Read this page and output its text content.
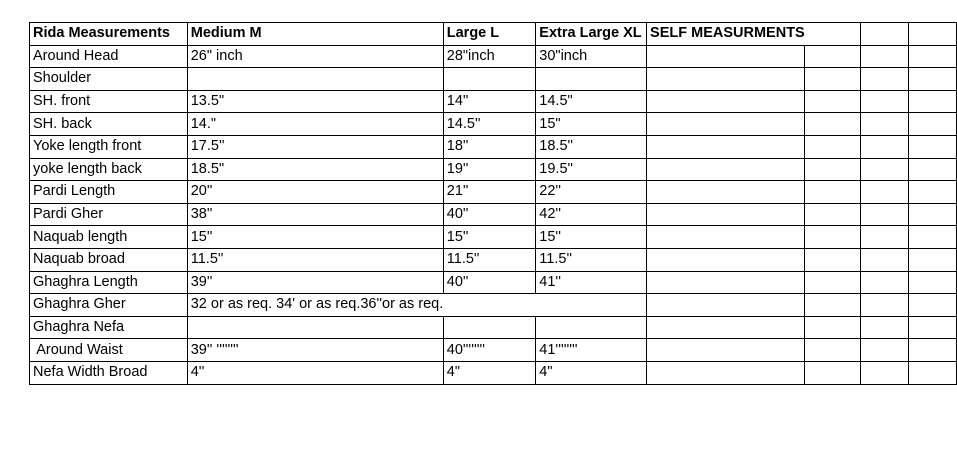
Rida Measurements	Medium M	Large L	Extra Large XL	SELF MEASURMENTS			
Around Head	26" inch	28"inch	30"inch				
Shoulder							
SH. front	13.5"	14''	14.5"				
SH. back	14."	14.5''	15"				
Yoke length front	17.5''	18''	18.5''				
yoke length back	18.5"	19''	19.5''				
Pardi Length	20''	21''	22''				
Pardi Gher	38''	40''	42''				
Naquab length	15''	15''	15''				
Naquab broad	11.5''	11.5''	11.5''				
Ghaghra Length	39''	40''	41''				
Ghaghra Gher	32 or as req. 34' or as req.36''or as req.						
Ghaghra Nefa							
Around Waist	39'' ''''''''	40''''''''	41''''''''				
Nefa Width Broad	4''	4"	4"				
